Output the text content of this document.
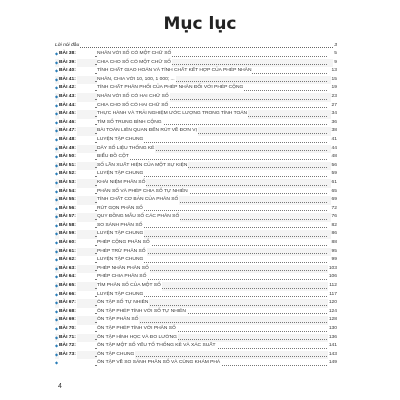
Mục lục
Lời nói đầu	3
◆ BÀI 38:	NHÂN VỚI SỐ CÓ MỘT CHỮ SỐ	5
◆ BÀI 39:	CHIA CHO SỐ CÓ MỘT CHỮ SỐ	9
◆ BÀI 40:	TÍNH CHẤT GIAO HOÁN VÀ TÍNH CHẤT KẾT HỢP CỦA PHÉP NHÂN	13
◆ BÀI 41:	NHÂN, CHIA VỚI 10, 100, 1 000; ...	15
◆ BÀI 42:	TÍNH CHẤT PHÂN PHỐI CỦA PHÉP NHÂN ĐỐI VỚI PHÉP CỘNG	19
◆ BÀI 43:	NHÂN VỚI SỐ CÓ HAI CHỮ SỐ	23
◆ BÀI 44:	CHIA CHO SỐ CÓ HAI CHỮ SỐ	27
◆ BÀI 45:	THỰC HÀNH VÀ TRẢI NGHIỆM ƯỚC LƯỢNG TRONG TÍNH TOÁN	34
◆ BÀI 46:	TÌM SỐ TRUNG BÌNH CỘNG	36
◆ BÀI 47:	BÀI TOÁN LIÊN QUAN ĐẾN RÚT VỀ ĐƠN VỊ	38
◆ BÀI 48:	LUYỆN TẬP CHUNG	41
◆ BÀI 49:	DÃY SỐ LIỆU THỐNG KÊ	44
◆ BÀI 50:	BIỂU ĐỒ CỘT	48
◆ BÀI 51:	SỐ LẦN XUẤT HIỆN CỦA MỘT SỰ KIỆN	56
◆ BÀI 52:	LUYỆN TẬP CHUNG	59
◆ BÀI 53:	KHÁI NIỆM PHÂN SỐ	61
◆ BÀI 54:	PHÂN SỐ VÀ PHÉP CHIA SỐ TỰ NHIÊN	65
◆ BÀI 55:	TÍNH CHẤT CƠ BẢN CỦA PHÂN SỐ	69
◆ BÀI 56:	RÚT GỌN PHÂN SỐ	72
◆ BÀI 57:	QUY ĐỒNG MẪU SỐ CÁC PHÂN SỐ	76
◆ BÀI 58:	SO SÁNH PHÂN SỐ	82
◆ BÀI 59:	LUYỆN TẬP CHUNG	86
◆ BÀI 60:	PHÉP CỘNG PHÂN SỐ	88
◆ BÀI 61:	PHÉP TRỪ PHÂN SỐ	95
◆ BÀI 62:	LUYỆN TẬP CHUNG	99
◆ BÀI 63:	PHÉP NHÂN PHÂN SỐ	103
◆ BÀI 64:	PHÉP CHIA PHÂN SỐ	106
◆ BÀI 65:	TÌM PHÂN SỐ CỦA MỘT SỐ	112
◆ BÀI 66:	LUYỆN TẬP CHUNG	117
◆ BÀI 67:	ÔN TẬP SỐ TỰ NHIÊN	120
◆ BÀI 68:	ÔN TẬP PHÉP TÍNH VỚI SỐ TỰ NHIÊN	124
◆ BÀI 69:	ÔN TẬP PHÂN SỐ	128
◆ BÀI 70:	ÔN TẬP PHÉP TÍNH VỚI PHÂN SỐ	130
◆ BÀI 71:	ÔN TẬP HÌNH HỌC VÀ ĐO LƯỜNG	136
◆ BÀI 72:	ÔN TẬP MỘT SỐ YẾU TỐ THỐNG KÊ VÀ XÁC SUẤT	141
◆ BÀI 73:	ÔN TẬP CHUNG	143
◆	ÔN TẬP VỀ SO SÁNH PHÂN SỐ VÀ CÙNG KHÁM PHÁ	149
4
